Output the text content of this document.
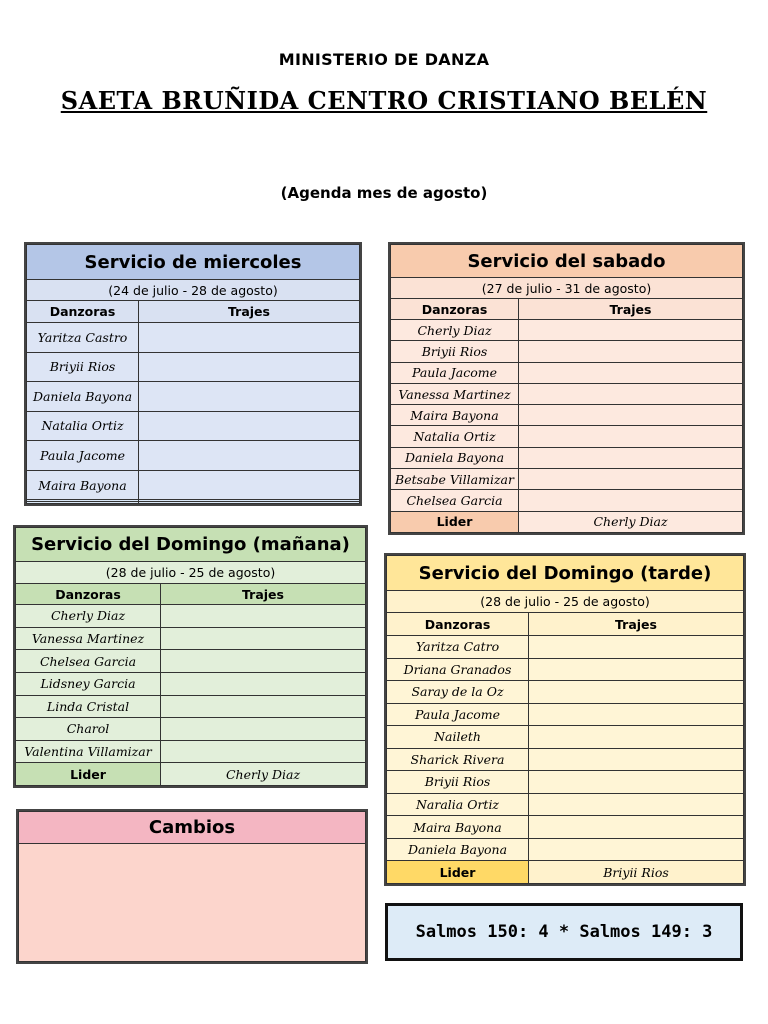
MINISTERIO DE DANZA
SAETA BRUÑIDA CENTRO CRISTIANO BELÉN
(Agenda mes de agosto)
Servicio de miercoles	
(24 de julio - 28 de agosto)	
Danzoras	Trajes
Yaritza Castro	
Briyii Rios	
Daniela Bayona	
Natalia Ortiz	
Paula Jacome	
Maira Bayona	

Servicio del sabado	
(27 de julio - 31 de agosto)	
Danzoras	Trajes
Cherly Diaz	
Briyii Rios	
Paula Jacome	
Vanessa Martinez	
Maira Bayona	
Natalia Ortiz	
Daniela Bayona	
Betsabe Villamizar	
Chelsea Garcia	
Lider	Cherly Diaz
Servicio del Domingo (mañana)	
(28 de julio - 25 de agosto)	
Danzoras	Trajes
Cherly Diaz	
Vanessa Martinez	
Chelsea Garcia	
Lidsney Garcia	
Linda Cristal	
Charol	
Valentina Villamizar	
Lider	Cherly Diaz
Servicio del Domingo (tarde)	
(28 de julio - 25 de agosto)	
Danzoras	Trajes
Yaritza Catro	
Driana Granados	
Saray de la Oz	
Paula Jacome	
Naileth	
Sharick Rivera	
Briyii Rios	
Naralia Ortiz	
Maira Bayona	
Daniela Bayona	
Lider	Briyii Rios
Cambios

Salmos 150: 4 * Salmos 149: 3
